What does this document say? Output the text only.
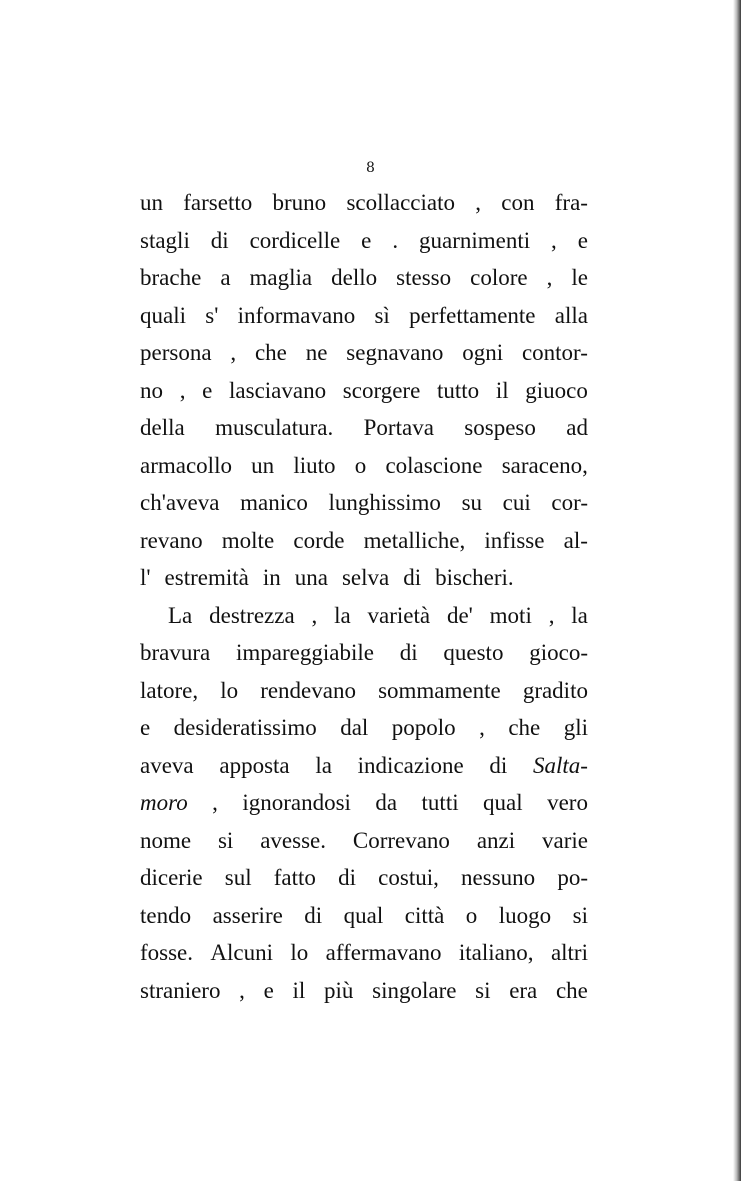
8
un farsetto bruno scollacciato , con fra-
stagli di cordicelle e . guarnimenti , e
brache a maglia dello stesso colore , le
quali s' informavano sì perfettamente alla
persona , che ne segnavano ogni contor-
no , e lasciavano scorgere tutto il giuoco
della musculatura. Portava sospeso ad
armacollo un liuto o colascione saraceno,
ch'aveva manico lunghissimo su cui cor-
revano molte corde metalliche, infisse al-
l' estremità in una selva di bischeri.
La destrezza , la varietà de' moti , la
bravura impareggiabile di questo gioco-
latore, lo rendevano sommamente gradito
e desideratissimo dal popolo , che gli
aveva apposta la indicazione di Salta-
moro , ignorandosi da tutti qual vero
nome si avesse. Correvano anzi varie
dicerie sul fatto di costui, nessuno po-
tendo asserire di qual città o luogo si
fosse. Alcuni lo affermavano italiano, altri
straniero , e il più singolare si era che
